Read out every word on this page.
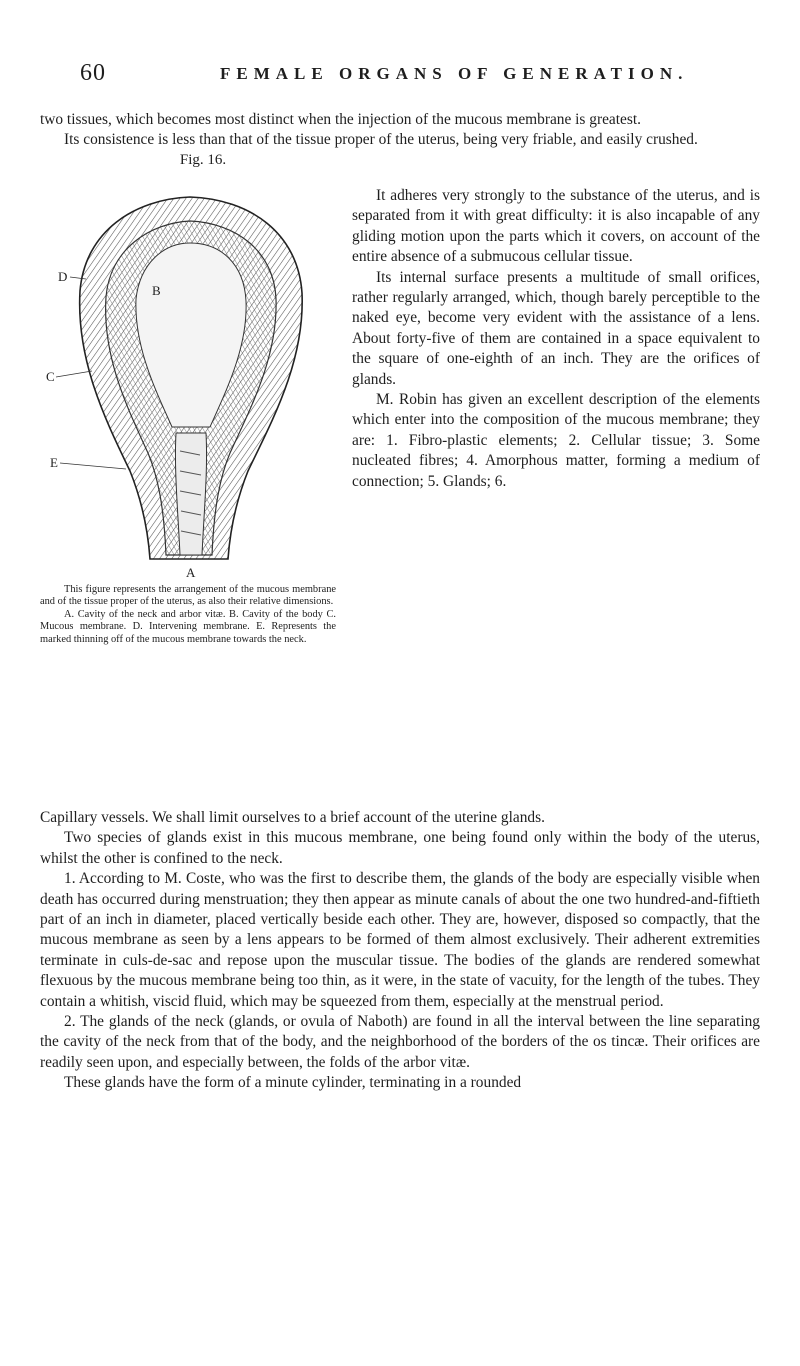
60	FEMALE ORGANS OF GENERATION.

two tissues, which becomes most distinct when the injection of the mucous membrane is greatest.

Its consistence is less than that of the tissue proper of the uterus, being very friable, and easily crushed.

Fig. 16.
B
D
C
E
A

This figure represents the arrangement of the mucous membrane and of the tissue proper of the uterus, as also their relative dimensions.

A. Cavity of the neck and arbor vitæ. B. Cavity of the body C. Mucous membrane. D. Intervening membrane. E. Represents the marked thinning off of the mucous membrane towards the neck.

It adheres very strongly to the substance of the uterus, and is separated from it with great difficulty: it is also incapable of any gliding motion upon the parts which it covers, on account of the entire absence of a submucous cellular tissue.

Its internal surface presents a multitude of small orifices, rather regularly arranged, which, though barely perceptible to the naked eye, become very evident with the assistance of a lens. About forty-five of them are contained in a space equivalent to the square of one-eighth of an inch. They are the orifices of glands.

M. Robin has given an excellent description of the elements which enter into the composition of the mucous membrane; they are: 1. Fibro-plastic elements; 2. Cellular tissue; 3. Some nucleated fibres; 4. Amorphous matter, forming a medium of connection; 5. Glands; 6.

Capillary vessels. We shall limit ourselves to a brief account of the uterine glands.

Two species of glands exist in this mucous membrane, one being found only within the body of the uterus, whilst the other is confined to the neck.

1. According to M. Coste, who was the first to describe them, the glands of the body are especially visible when death has occurred during menstruation; they then appear as minute canals of about the one two hundred-and-fiftieth part of an inch in diameter, placed vertically beside each other. They are, however, disposed so compactly, that the mucous membrane as seen by a lens appears to be formed of them almost exclusively. Their adherent extremities terminate in culs-de-sac and repose upon the muscular tissue. The bodies of the glands are rendered somewhat flexuous by the mucous membrane being too thin, as it were, in the state of vacuity, for the length of the tubes. They contain a whitish, viscid fluid, which may be squeezed from them, especially at the menstrual period.

2. The glands of the neck (glands, or ovula of Naboth) are found in all the interval between the line separating the cavity of the neck from that of the body, and the neighborhood of the borders of the os tincæ. Their orifices are readily seen upon, and especially between, the folds of the arbor vitæ.

These glands have the form of a minute cylinder, terminating in a rounded
